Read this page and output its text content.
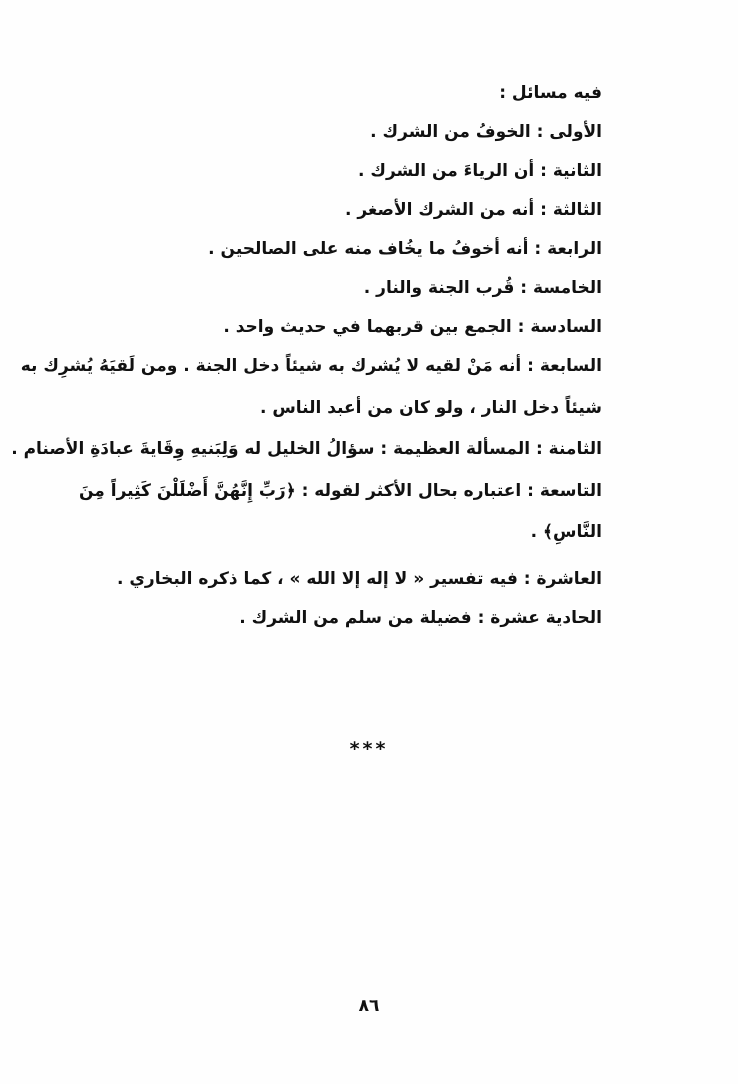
فيه مسائل :
الأولى : الخوفُ من الشرك .
الثانية : أن الرياءَ من الشرك .
الثالثة : أنه من الشرك الأصغر .
الرابعة : أنه أخوفُ ما يخُاف منه على الصالحين .
الخامسة : قُرب الجنة والنار .
السادسة : الجمع بين قربهما في حديث واحد .
السابعة : أنه مَنْ لقيه لا يُشرك به شيئاً دخل الجنة . ومن لَقيَهُ يُشرِك به
شيئاً دخل النار ، ولو كان من أعبد الناس .
الثامنة : المسألة العظيمة : سؤالُ الخليل له وَلِبَنيهِ وِقَايةَ عبادَةِ الأصنام .
التاسعة : اعتباره بحال الأكثر لقوله : ﴿رَبِّ إِنَّهُنَّ أَضْلَلْنَ كَثِيراً مِنَ
النَّاسِ﴾ .
العاشرة : فيه تفسير « لا إله إلا الله » ، كما ذكره البخاري .
الحادية عشرة : فضيلة من سلم من الشرك .
***
٨٦
